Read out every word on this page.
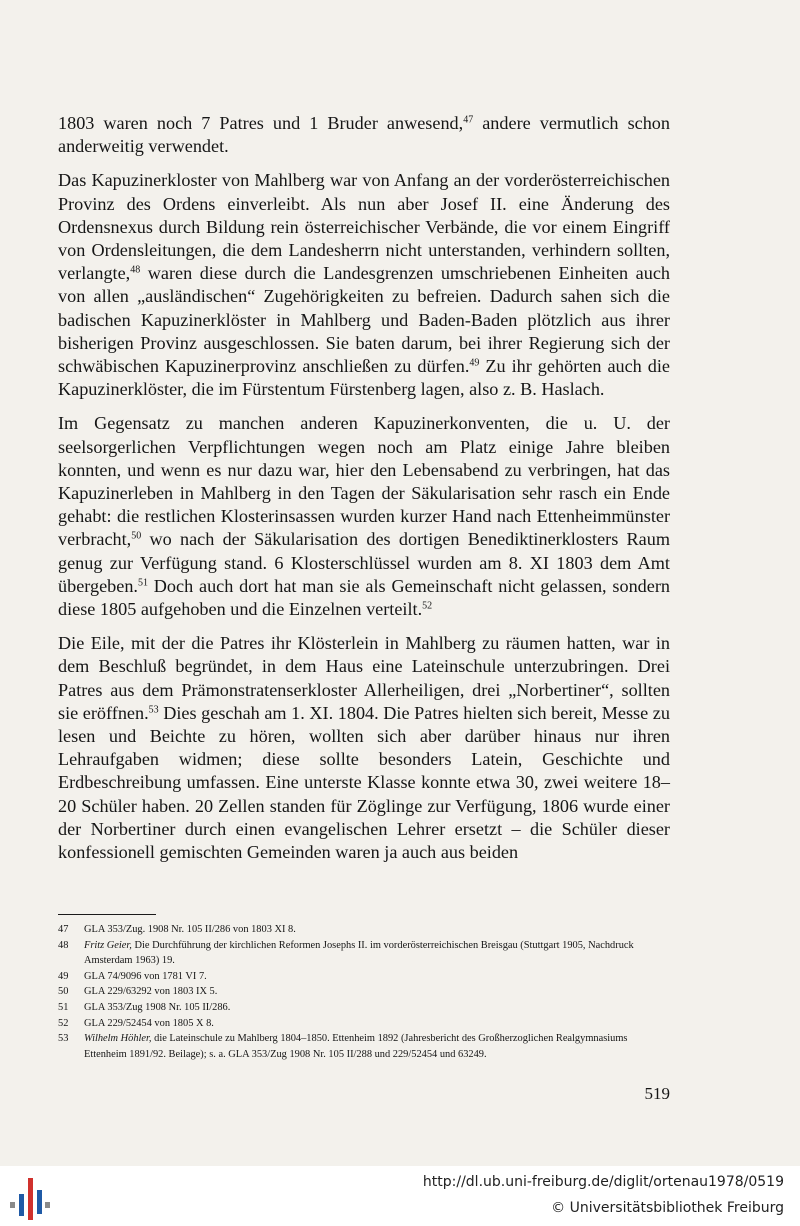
1803 waren noch 7 Patres und 1 Bruder anwesend,$^{47}$ andere vermutlich schon anderweitig verwendet.

Das Kapuzinerkloster von Mahlberg war von Anfang an der vorderösterreichischen Provinz des Ordens einverleibt. Als nun aber Josef II. eine Änderung des Ordensnexus durch Bildung rein österreichischer Verbände, die vor einem Eingriff von Ordensleitungen, die dem Landesherrn nicht unterstanden, verhindern sollten, verlangte,$^{48}$ waren diese durch die Landesgrenzen umschriebenen Einheiten auch von allen „ausländischen“ Zugehörigkeiten zu befreien. Dadurch sahen sich die badischen Kapuzinerklöster in Mahlberg und Baden-Baden plötzlich aus ihrer bisherigen Provinz ausgeschlossen. Sie baten darum, bei ihrer Regierung sich der schwäbischen Kapuzinerprovinz anschließen zu dürfen.$^{49}$ Zu ihr gehörten auch die Kapuzinerklöster, die im Fürstentum Fürstenberg lagen, also z. B. Haslach.

Im Gegensatz zu manchen anderen Kapuzinerkonventen, die u. U. der seelsorgerlichen Verpflichtungen wegen noch am Platz einige Jahre bleiben konnten, und wenn es nur dazu war, hier den Lebensabend zu verbringen, hat das Kapuzinerleben in Mahlberg in den Tagen der Säkularisation sehr rasch ein Ende gehabt: die restlichen Klosterinsassen wurden kurzer Hand nach Ettenheimmünster verbracht,$^{50}$ wo nach der Säkularisation des dortigen Benediktinerklosters Raum genug zur Verfügung stand. 6 Klosterschlüssel wurden am 8. XI 1803 dem Amt übergeben.$^{51}$ Doch auch dort hat man sie als Gemeinschaft nicht gelassen, sondern diese 1805 aufgehoben und die Einzelnen verteilt.$^{52}$

Die Eile, mit der die Patres ihr Klösterlein in Mahlberg zu räumen hatten, war in dem Beschluß begründet, in dem Haus eine Lateinschule unterzubringen. Drei Patres aus dem Prämonstratenserkloster Allerheiligen, drei „Norbertiner“, sollten sie eröffnen.$^{53}$ Dies geschah am 1. XI. 1804. Die Patres hielten sich bereit, Messe zu lesen und Beichte zu hören, wollten sich aber darüber hinaus nur ihren Lehraufgaben widmen; diese sollte besonders Latein, Geschichte und Erdbeschreibung umfassen. Eine unterste Klasse konnte etwa 30, zwei weitere 18–20 Schüler haben. 20 Zellen standen für Zöglinge zur Verfügung, 1806 wurde einer der Norbertiner durch einen evangelischen Lehrer ersetzt – die Schüler dieser konfessionell gemischten Gemeinden waren ja auch aus beiden

47 GLA 353/Zug. 1908 Nr. 105 II/286 von 1803 XI 8.
48 Fritz Geier, Die Durchführung der kirchlichen Reformen Josephs II. im vorderösterreichischen Breisgau (Stuttgart 1905, Nachdruck Amsterdam 1963) 19.
49 GLA 74/9096 von 1781 VI 7.
50 GLA 229/63292 von 1803 IX 5.
51 GLA 353/Zug 1908 Nr. 105 II/286.
52 GLA 229/52454 von 1805 X 8.
53 Wilhelm Höhler, die Lateinschule zu Mahlberg 1804–1850. Ettenheim 1892 (Jahresbericht des Großherzoglichen Realgymnasiums Ettenheim 1891/92. Beilage); s. a. GLA 353/Zug 1908 Nr. 105 II/288 und 229/52454 und 63249.
519
http://dl.ub.uni-freiburg.de/diglit/ortenau1978/0519
© Universitätsbibliothek Freiburg
